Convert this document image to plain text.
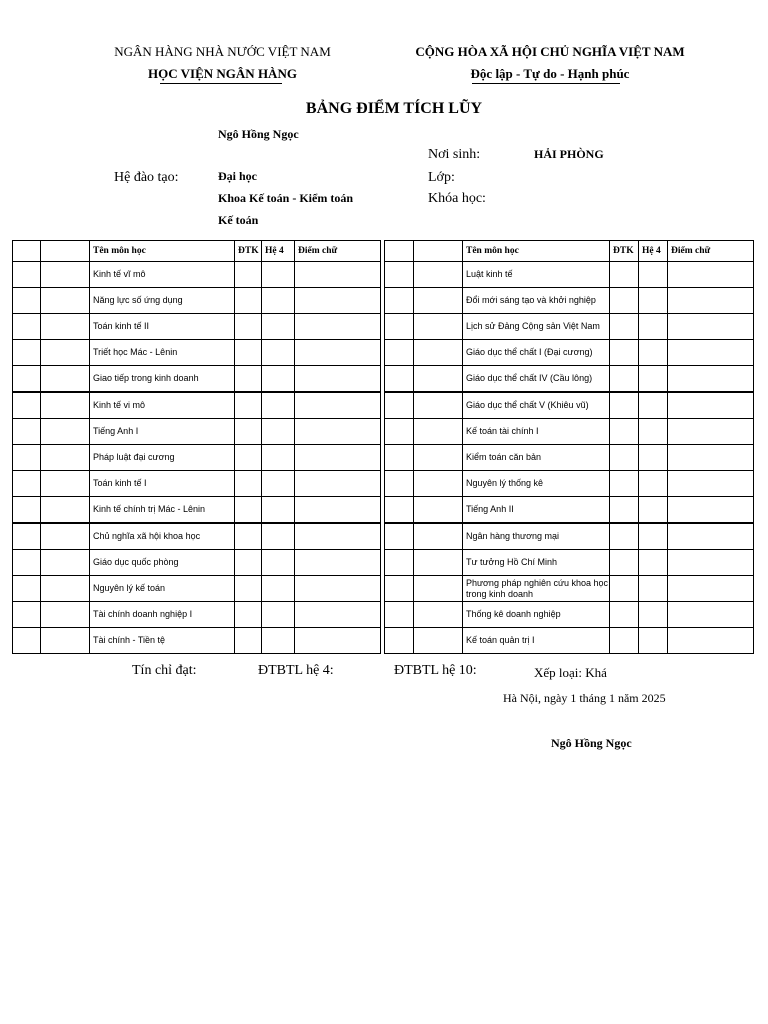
NGÂN HÀNG NHÀ NƯỚC VIỆT NAM
HỌC VIỆN NGÂN HÀNG
CỘNG HÒA XÃ HỘI CHỦ NGHĨA VIỆT NAM
Độc lập - Tự do - Hạnh phúc
BẢNG ĐIỂM TÍCH LŨY
Ngô Hồng Ngọc
Nơi sinh:	HẢI PHÒNG
Hệ đào tạo:	Đại học	Lớp:
Khoa Kế toán - Kiểm toán	Khóa học:
Kế toán
		Tên môn học	ĐTK	Hệ 4	Điểm chữ
		Kinh tế vĩ mô			
		Năng lực số ứng dụng			
		Toán kinh tế II			
		Triết học Mác - Lênin			
		Giao tiếp trong kinh doanh			
		Kinh tế vi mô			
		Tiếng Anh I			
		Pháp luật đại cương			
		Toán kinh tế I			
		Kinh tế chính trị Mác - Lênin			
		Chủ nghĩa xã hội khoa học			
		Giáo dục quốc phòng			
		Nguyên lý kế toán			
		Tài chính doanh nghiệp I			
		Tài chính - Tiền tệ			
		Tên môn học	ĐTK	Hệ 4	Điểm chữ
		Luật kinh tế			
		Đổi mới sáng tạo và khởi nghiệp			
		Lịch sử Đảng Cộng sản Việt Nam			
		Giáo dục thể chất I (Đại cương)			
		Giáo dục thể chất IV (Cầu lông)			
		Giáo dục thể chất V (Khiêu vũ)			
		Kế toán tài chính I			
		Kiểm toán căn bản			
		Nguyên lý thống kê			
		Tiếng Anh II			
		Ngân hàng thương mại			
		Tư tưởng Hồ Chí Minh			
		Phương pháp nghiên cứu khoa học trong kinh doanh			
		Thống kê doanh nghiệp			
		Kế toán quản trị I			
Tín chỉ đạt:	ĐTBTL hệ 4:	ĐTBTL hệ 10:	Xếp loại: Khá
Hà Nội, ngày 1 tháng 1 năm 2025
Ngô Hồng Ngọc
